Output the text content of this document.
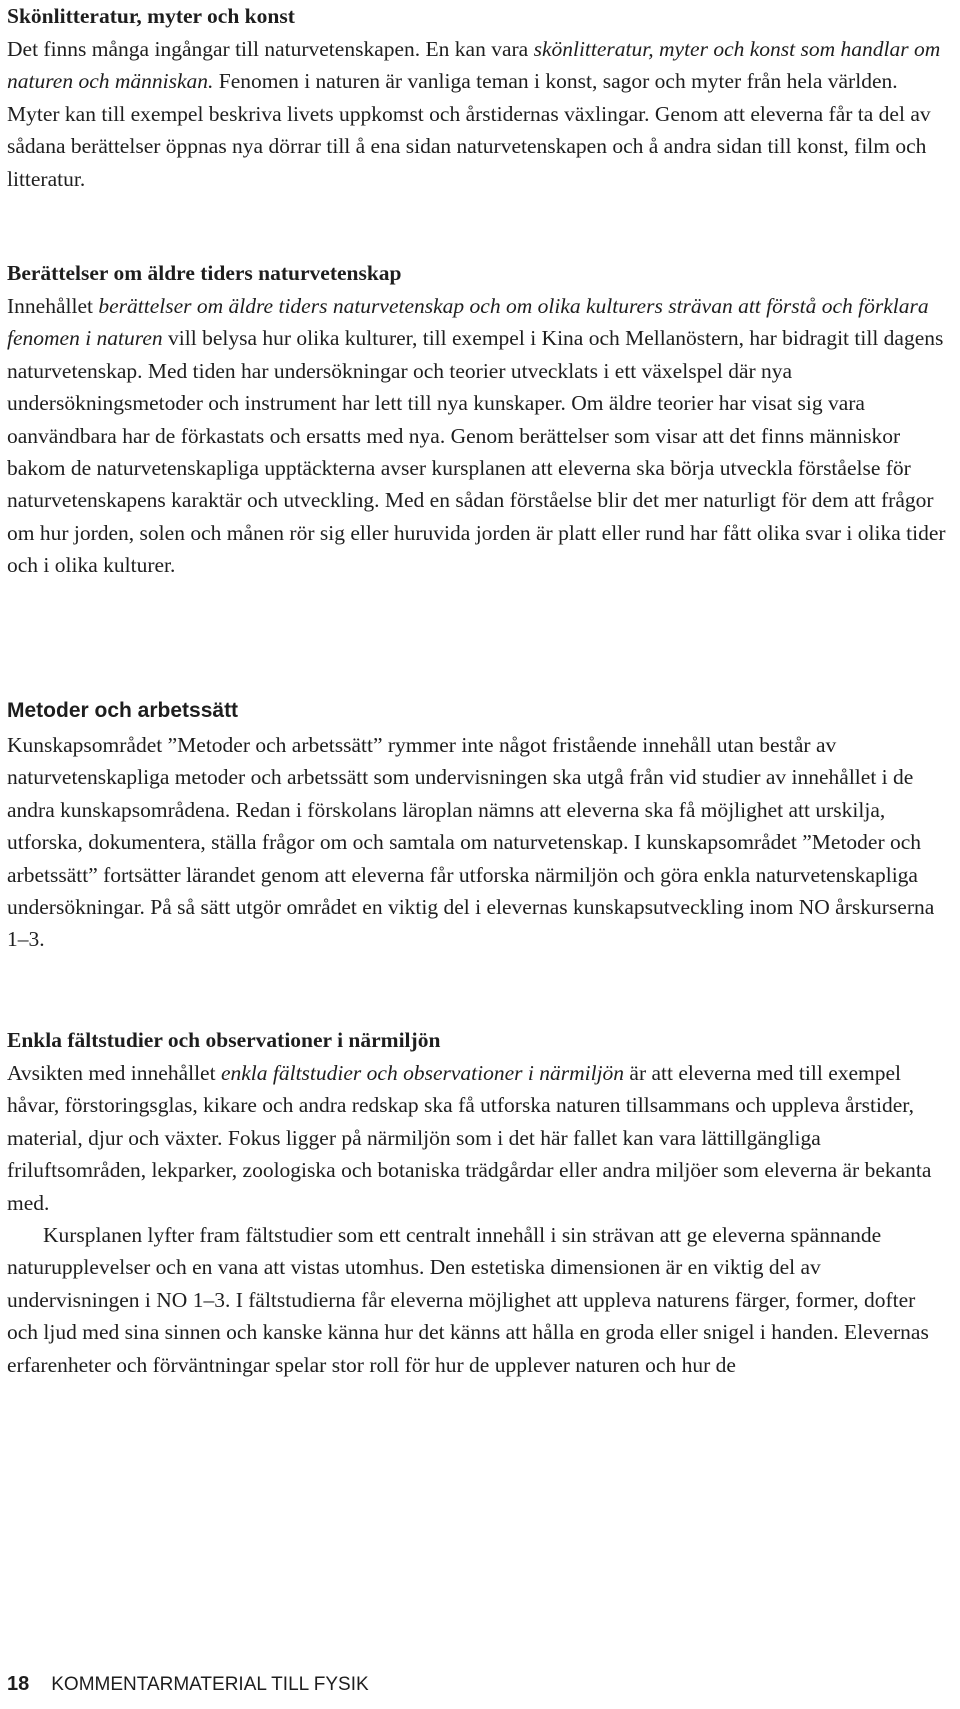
Skönlitteratur, myter och konst

Det finns många ingångar till naturvetenskapen. En kan vara skönlitteratur, myter och konst som handlar om naturen och människan. Fenomen i naturen är vanliga teman i konst, sagor och myter från hela världen. Myter kan till exempel beskriva livets uppkomst och årstidernas växlingar. Genom att eleverna får ta del av sådana berättelser öppnas nya dörrar till å ena sidan naturvetenskapen och å andra sidan till konst, film och litteratur.

Berättelser om äldre tiders naturvetenskap

Innehållet berättelser om äldre tiders naturvetenskap och om olika kulturers strävan att förstå och förklara fenomen i naturen vill belysa hur olika kulturer, till exempel i Kina och Mellanöstern, har bidragit till dagens naturvetenskap. Med tiden har undersökningar och teorier utvecklats i ett växelspel där nya undersökningsmetoder och instrument har lett till nya kunskaper. Om äldre teorier har visat sig vara oanvändbara har de förkastats och ersatts med nya. Genom berättelser som visar att det finns människor bakom de naturvetenskapliga upptäckterna avser kursplanen att eleverna ska börja utveckla förståelse för naturvetenskapens karaktär och utveckling. Med en sådan förståelse blir det mer naturligt för dem att frågor om hur jorden, solen och månen rör sig eller huruvida jorden är platt eller rund har fått olika svar i olika tider och i olika kulturer.

Metoder och arbetssätt

Kunskapsområdet ”Metoder och arbetssätt” rymmer inte något fristående innehåll utan består av naturvetenskapliga metoder och arbetssätt som undervisningen ska utgå från vid studier av innehållet i de andra kunskapsområdena. Redan i förskolans läroplan nämns att eleverna ska få möjlighet att urskilja, utforska, dokumentera, ställa frågor om och samtala om naturvetenskap. I kunskapsområdet ”Metoder och arbetssätt” fortsätter lärandet genom att eleverna får utforska närmiljön och göra enkla naturvetenskapliga undersökningar. På så sätt utgör området en viktig del i elevernas kunskapsutveckling inom NO årskurserna 1–3.

Enkla fältstudier och observationer i närmiljön

Avsikten med innehållet enkla fältstudier och observationer i närmiljön är att eleverna med till exempel håvar, förstoringsglas, kikare och andra redskap ska få utforska naturen tillsammans och uppleva årstider, material, djur och växter. Fokus ligger på närmiljön som i det här fallet kan vara lättillgängliga friluftsområden, lekparker, zoologiska och botaniska trädgårdar eller andra miljöer som eleverna är bekanta med.

Kursplanen lyfter fram fältstudier som ett centralt innehåll i sin strävan att ge eleverna spännande naturupplevelser och en vana att vistas utomhus. Den estetiska dimensionen är en viktig del av undervisningen i NO 1–3. I fältstudierna får eleverna möjlighet att uppleva naturens färger, former, dofter och ljud med sina sinnen och kanske känna hur det känns att hålla en groda eller snigel i handen. Elevernas erfarenheter och förväntningar spelar stor roll för hur de upplever naturen och hur de

18 KOMMENTARMATERIAL TILL FYSIK
